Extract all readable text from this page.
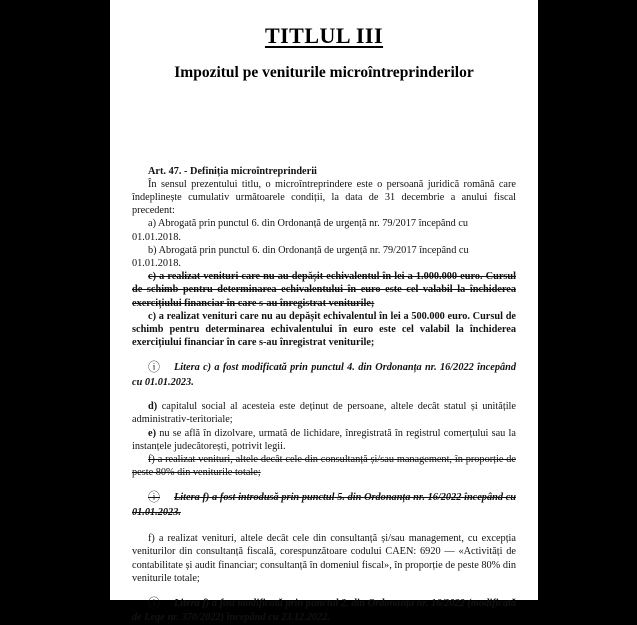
TITLUL III
Impozitul pe veniturile microîntreprinderilor

Art. 47. - Definiția microîntreprinderii

În sensul prezentului titlu, o microîntreprindere este o persoană juridică română care îndeplinește cumulativ următoarele condiții, la data de 31 decembrie a anului fiscal precedent:

a) Abrogată prin punctul 6. din Ordonanță de urgență nr. 79/2017 începând cu 01.01.2018.

b) Abrogată prin punctul 6. din Ordonanță de urgență nr. 79/2017 începând cu 01.01.2018.

c) a realizat venituri care nu au depășit echivalentul în lei a 1.000.000 euro. Cursul de schimb pentru determinarea echivalentului în euro este cel valabil la închiderea exercițiului financiar în care s-au înregistrat veniturile;

c) a realizat venituri care nu au depășit echivalentul în lei a 500.000 euro. Cursul de schimb pentru determinarea echivalentului în euro este cel valabil la închiderea exercițiului financiar în care s-au înregistrat veniturile;

ⓘ Litera c) a fost modificată prin punctul 4. din Ordonanța nr. 16/2022 începând cu 01.01.2023.

d) capitalul social al acesteia este deținut de persoane, altele decât statul și unitățile administrativ-teritoriale;

e) nu se află în dizolvare, urmată de lichidare, înregistrată în registrul comerțului sau la instanțele judecătorești, potrivit legii.

f) a realizat venituri, altele decât cele din consultanță și/sau management, în proporție de peste 80% din veniturile totale;

ⓘ Litera f) a fost introdusă prin punctul 5. din Ordonanța nr. 16/2022 începând cu 01.01.2023.

f) a realizat venituri, altele decât cele din consultanță și/sau management, cu excepția veniturilor din consultanță fiscală, corespunzătoare codului CAEN: 6920 — «Activități de contabilitate și audit financiar; consultanță în domeniul fiscal», în proporție de peste 80% din veniturile totale;

ⓘ Litera f) a fost modificată prin punctul 2. din Ordonanța nr. 16/2022 (modificată de Lege nr. 370/2022) începând cu 23.12.2022.
